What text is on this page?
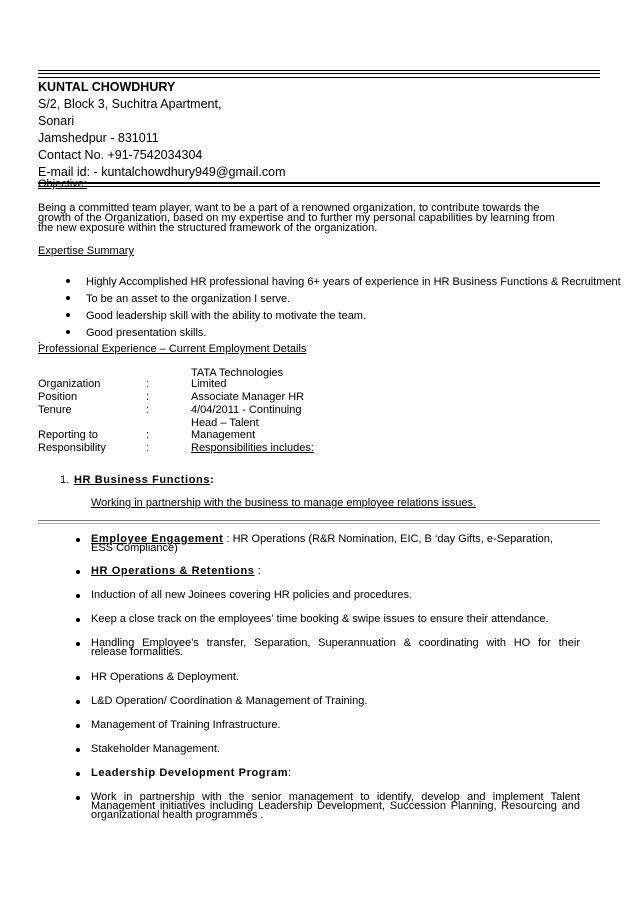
KUNTAL CHOWDHURY
S/2, Block 3, Suchitra Apartment,
Sonari
Jamshedpur - 831011
Contact No. +91-7542034304
E-mail id: - kuntalchowdhury949@gmail.com
Objective:
Being a committed team player, want to be a part of a renowned organization, to contribute towards the
growth of the Organization, based on my expertise and to further my personal capabilities by learning from
the new exposure within the structured framework of the organization.
Expertise Summary
Highly Accomplished HR professional having 6+ years of experience in HR Business Functions & Recruitment
To be an asset to the organization I serve.
Good leadership skill with the ability to motivate the team.
Good presentation skills.
.
Professional Experience – Current Employment Details
TATA Technologies
Organization	:	Limited
Position	:	Associate Manager HR
Tenure	:	4/04/2011 - Continuing
Head – Talent
Reporting to	:	Management
Responsibility	:	Responsibilities includes:
1. HR Business Functions:
Working in partnership with the business to manage employee relations issues.
Employee Engagement : HR Operations (R&R Nomination, EIC, B ‘day Gifts, e-Separation,
ESS Compliance)
HR Operations & Retentions :
Induction of all new Joinees covering HR policies and procedures.
Keep a close track on the employees’ time booking & swipe issues to ensure their attendance.
Handling Employee’s transfer, Separation, Superannuation & coordinating with HO for their
release formalities.
HR Operations & Deployment.
L&D Operation/ Coordination & Management of Training.
Management of Training Infrastructure.
Stakeholder Management.
Leadership Development Program:
Work in partnership with the senior management to identify, develop and implement Talent
Management initiatives including Leadership Development, Succession Planning, Resourcing and
organizational health programmes .
